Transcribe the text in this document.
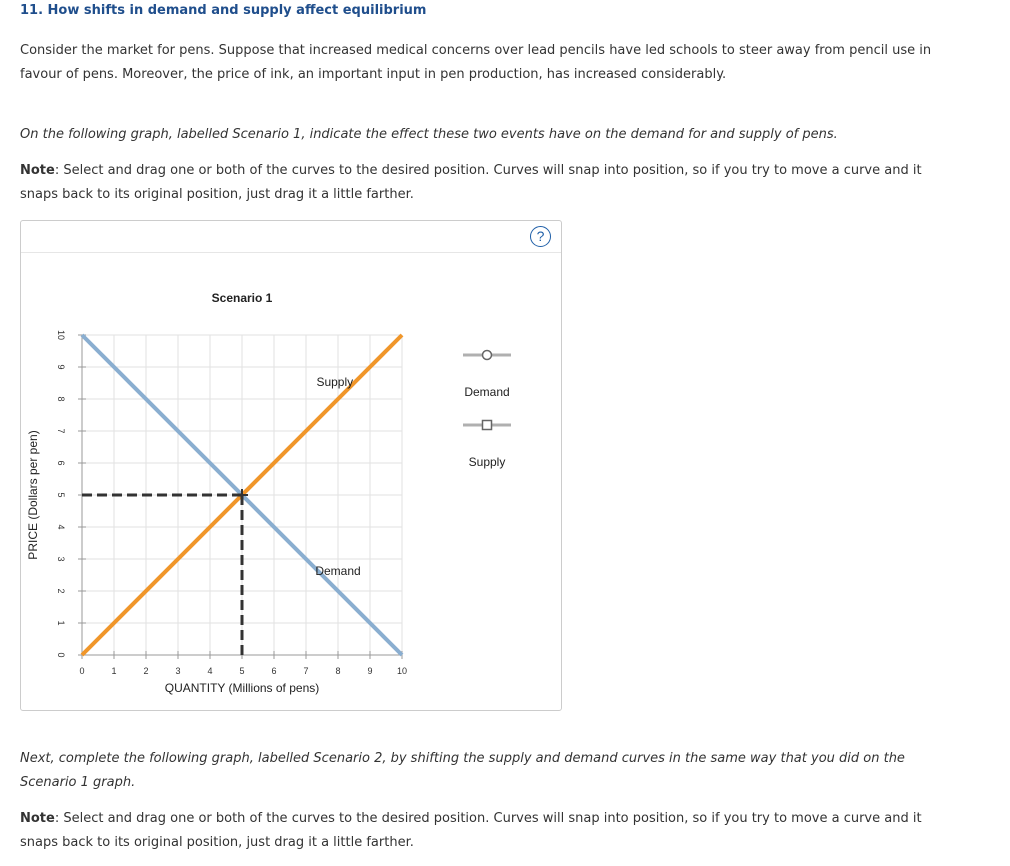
11. How shifts in demand and supply affect equilibrium
Consider the market for pens. Suppose that increased medical concerns over lead pencils have led schools to steer away from pencil use in favour of pens. Moreover, the price of ink, an important input in pen production, has increased considerably.
On the following graph, labelled Scenario 1, indicate the effect these two events have on the demand for and supply of pens.
Note: Select and drag one or both of the curves to the desired position. Curves will snap into position, so if you try to move a curve and it snaps back to its original position, just drag it a little farther.
?
0	1	2	3	4	5	6	7	8	9	10
0
1
2
3
4
5
6
7
8
9
10
Scenario 1
QUANTITY (Millions of pens)
PRICE (Dollars per pen)
Supply
Demand
Demand
Supply
Next, complete the following graph, labelled Scenario 2, by shifting the supply and demand curves in the same way that you did on the Scenario 1 graph.
Note: Select and drag one or both of the curves to the desired position. Curves will snap into position, so if you try to move a curve and it snaps back to its original position, just drag it a little farther.
